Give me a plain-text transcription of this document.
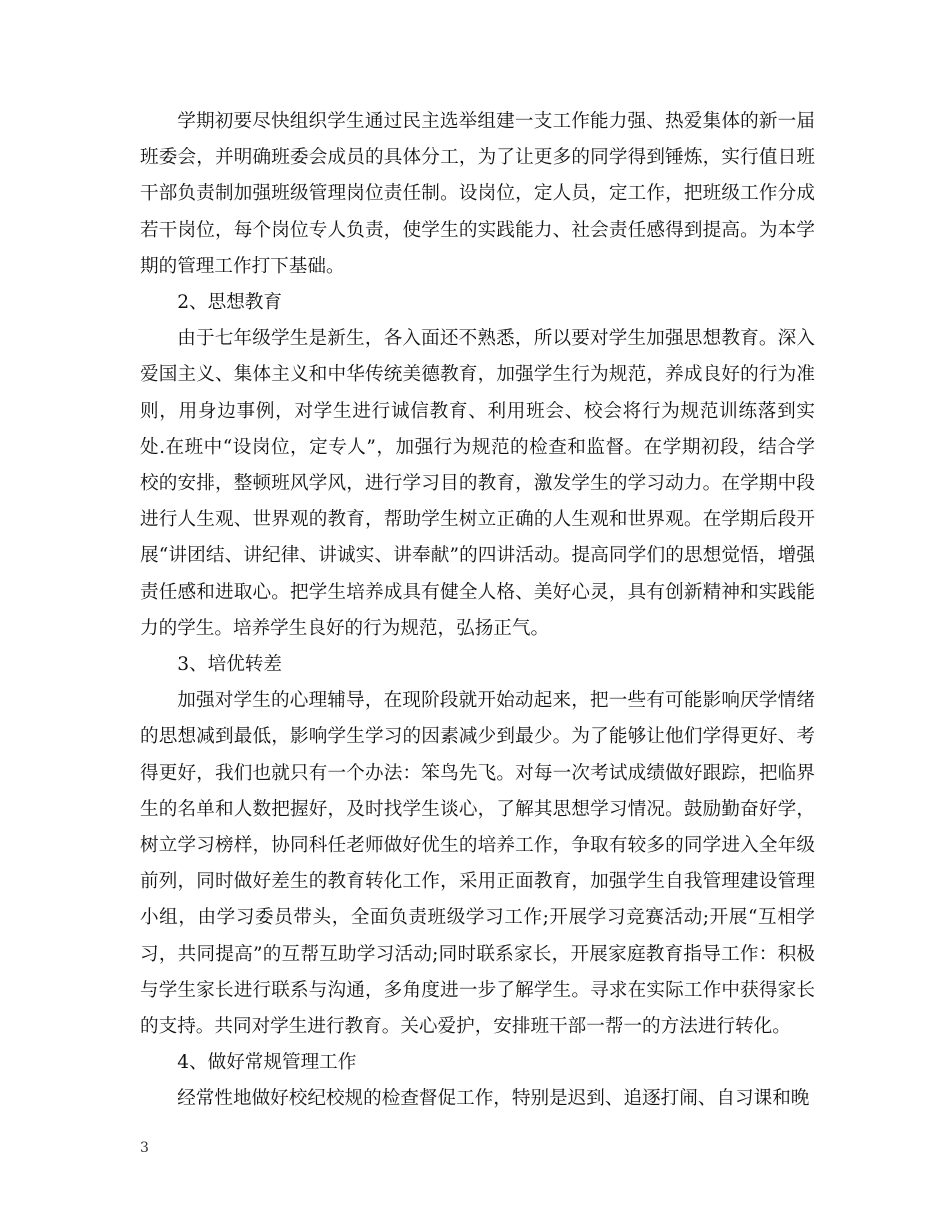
学期初要尽快组织学生通过民主选举组建一支工作能力强、热爱集体的新一届班委会，并明确班委会成员的具体分工，为了让更多的同学得到锤炼，实行值日班干部负责制加强班级管理岗位责任制。设岗位，定人员，定工作，把班级工作分成若干岗位，每个岗位专人负责，使学生的实践能力、社会责任感得到提高。为本学期的管理工作打下基础。

2、思想教育

由于七年级学生是新生，各入面还不熟悉，所以要对学生加强思想教育。深入爱国主义、集体主义和中华传统美德教育，加强学生行为规范，养成良好的行为准则，用身边事例，对学生进行诚信教育、利用班会、校会将行为规范训练落到实处.在班中“设岗位，定专人”，加强行为规范的检查和监督。在学期初段，结合学校的安排，整顿班风学风，进行学习目的教育，激发学生的学习动力。在学期中段进行人生观、世界观的教育，帮助学生树立正确的人生观和世界观。在学期后段开展“讲团结、讲纪律、讲诚实、讲奉献”的四讲活动。提高同学们的思想觉悟，增强责任感和进取心。把学生培养成具有健全人格、美好心灵，具有创新精神和实践能力的学生。培养学生良好的行为规范，弘扬正气。

3、培优转差

加强对学生的心理辅导，在现阶段就开始动起来，把一些有可能影响厌学情绪的思想减到最低，影响学生学习的因素减少到最少。为了能够让他们学得更好、考得更好，我们也就只有一个办法：笨鸟先飞。对每一次考试成绩做好跟踪，把临界生的名单和人数把握好，及时找学生谈心，了解其思想学习情况。鼓励勤奋好学，树立学习榜样，协同科任老师做好优生的培养工作，争取有较多的同学进入全年级前列，同时做好差生的教育转化工作，采用正面教育，加强学生自我管理建设管理小组，由学习委员带头，全面负责班级学习工作;开展学习竞赛活动;开展“互相学习，共同提高”的互帮互助学习活动;同时联系家长，开展家庭教育指导工作：积极与学生家长进行联系与沟通，多角度进一步了解学生。寻求在实际工作中获得家长的支持。共同对学生进行教育。关心爱护，安排班干部一帮一的方法进行转化。

4、做好常规管理工作

经常性地做好校纪校规的检查督促工作，特别是迟到、追逐打闹、自习课和晚

3
